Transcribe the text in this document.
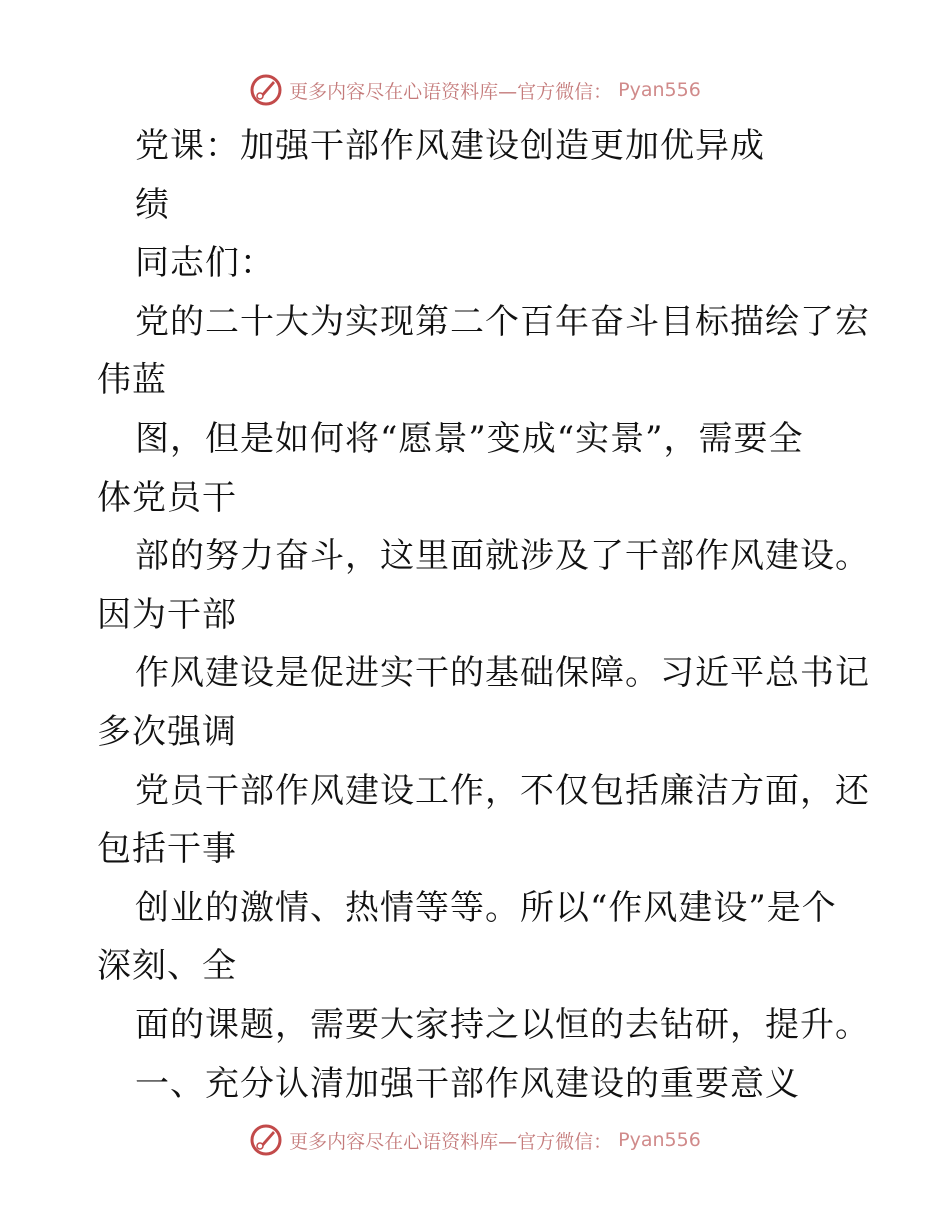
更多内容尽在心语资料库—官方微信： Pyan556
党课：加强干部作风建设创造更加优异成
绩
同志们：
党的二十大为实现第二个百年奋斗目标描绘了宏
伟蓝
图，但是如何将“愿景”变成“实景”，需要全
体党员干
部的努力奋斗，这里面就涉及了干部作风建设。
因为干部
作风建设是促进实干的基础保障。习近平总书记
多次强调
党员干部作风建设工作，不仅包括廉洁方面，还
包括干事
创业的激情、热情等等。所以“作风建设”是个
深刻、全
面的课题，需要大家持之以恒的去钻研，提升。
一、充分认清加强干部作风建设的重要意义
更多内容尽在心语资料库—官方微信： Pyan556
